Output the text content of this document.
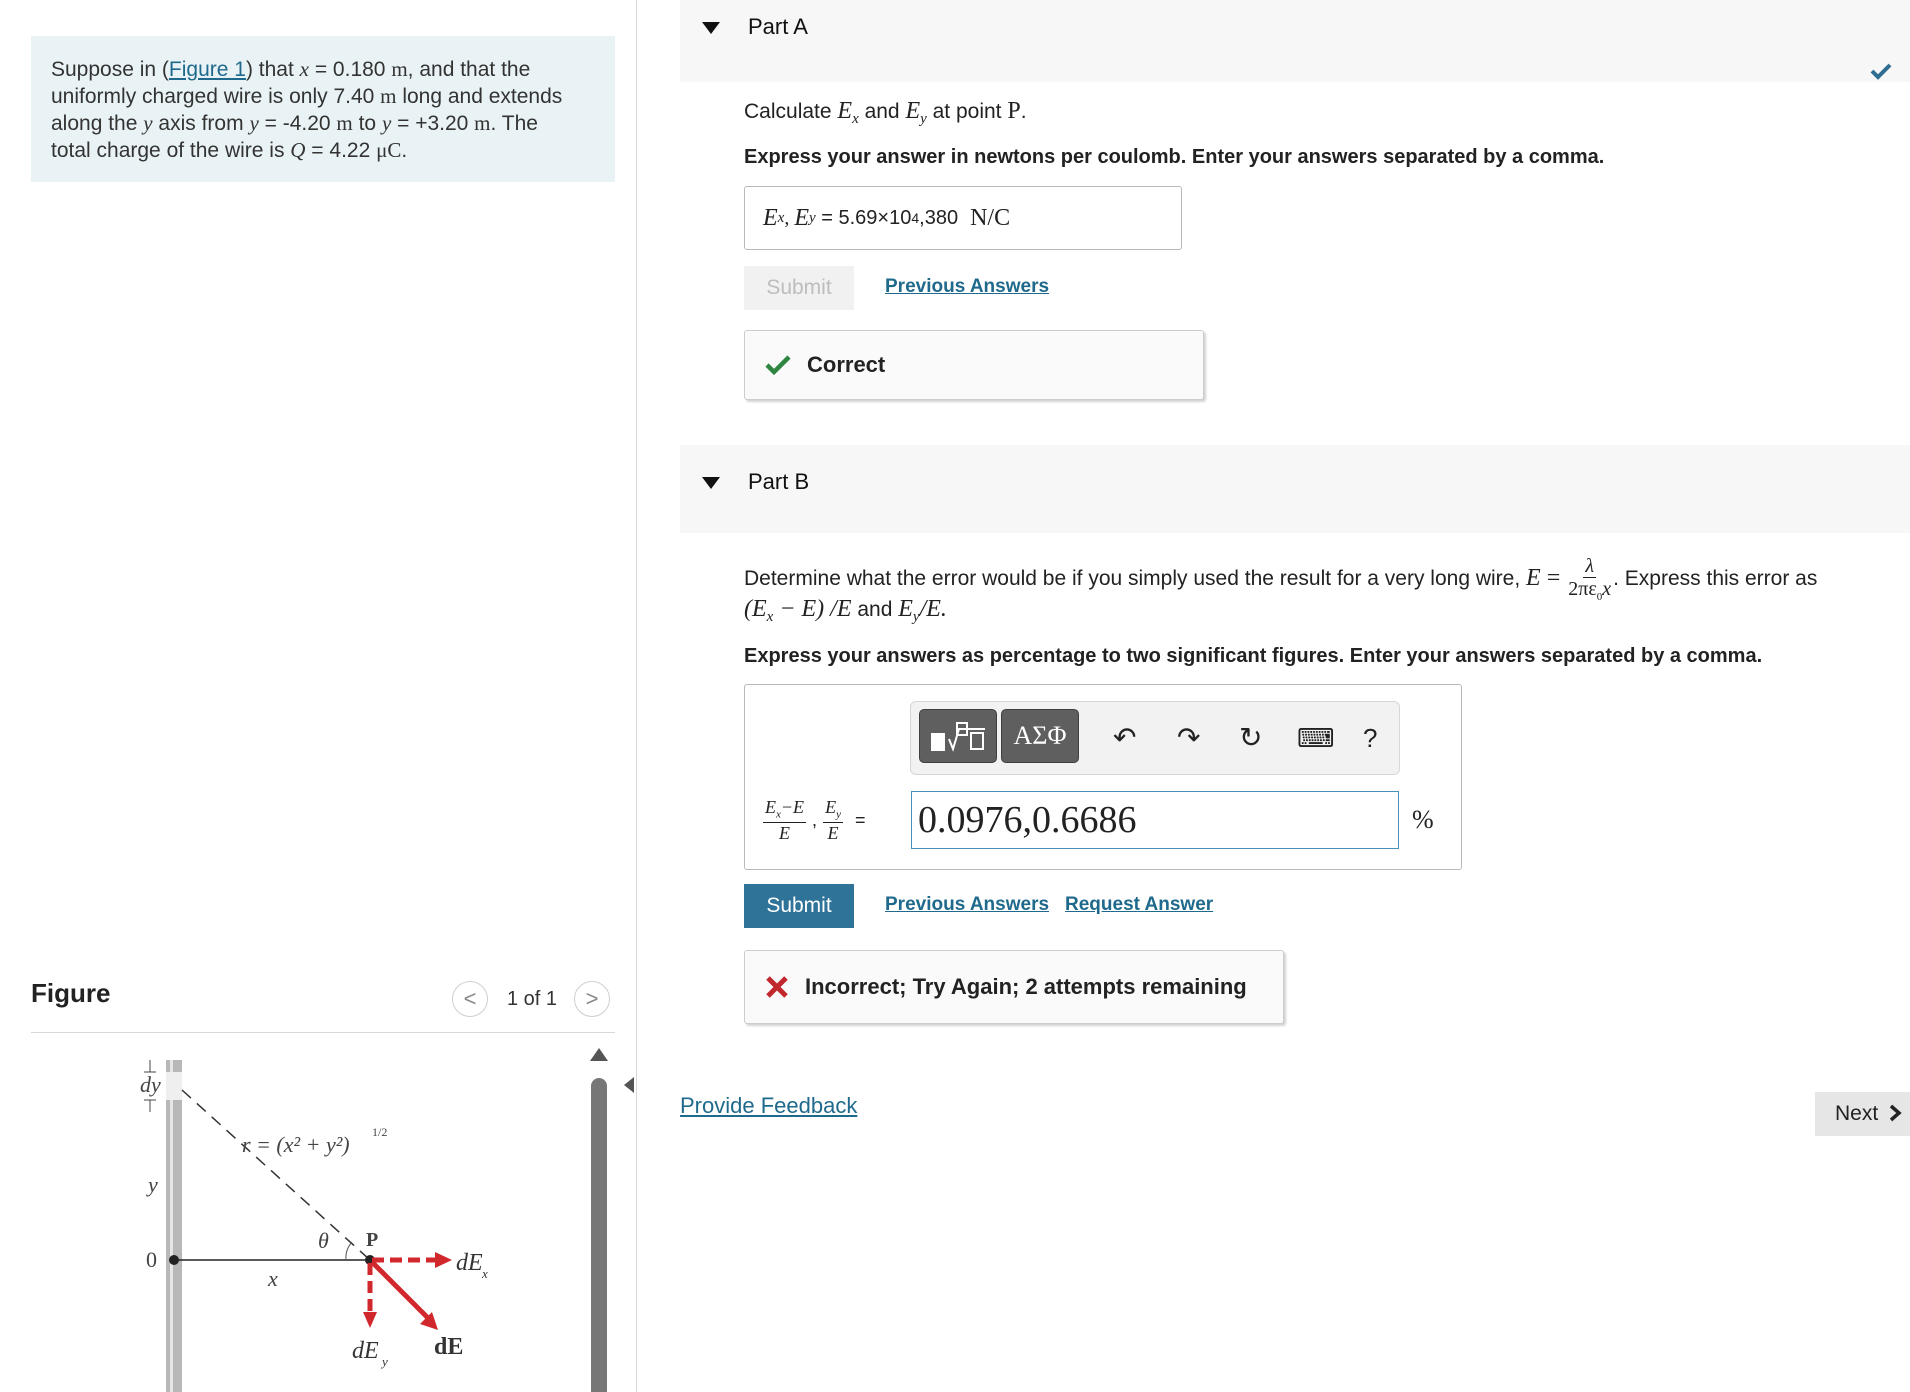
Suppose in (Figure 1) that x = 0.180 m, and that the
uniformly charged wire is only 7.40 m long and extends
along the y axis from y = -4.20 m to y = +3.20 m. The
total charge of the wire is Q = 4.22 μC.
Figure	< 1 of 1 >
dy
y
0
x
r = (x² + y²) 1/2
θ P
dE x
dE y
dE
Part A
Calculate $E_x$ and $E_y$ at point P.
Express your answer in newtons per coulomb. Enter your answers separated by a comma.
E x , E y = 5.69×10 4 ,380 N/C
Submit	Previous Answers
Correct
Part B
Determine what the error would be if you simply used the result for a very long wire, $E = \frac{\lambda}{2\pi\varepsilon_0x}$ . Express this error as
$(E_x - E)$ /E and $E_y/E$.
Express your answers as percentage to two significant figures. Enter your answers separated by a comma.
ΑΣΦ	↶ ↷ ↻ ⌨ ?
$\frac{E_x-E}{E}$ , $\frac{E_y}{E} = 0.0976,0.6686$	%
Submit	Previous Answers Request Answer
Incorrect; Try Again; 2 attempts remaining
Provide Feedback	Next
